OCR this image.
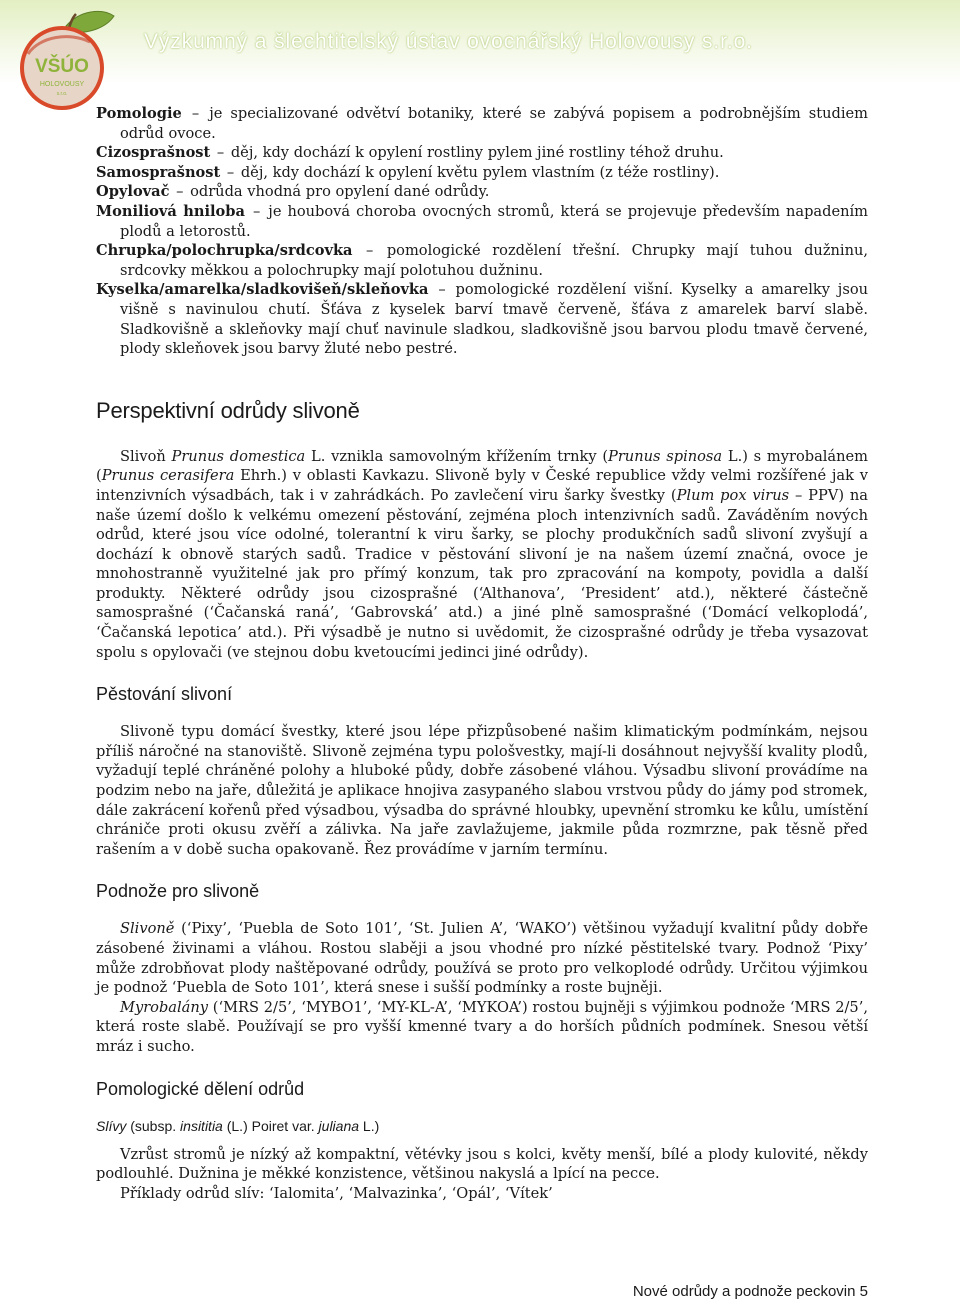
VŠÚO
HOLOVOUSY
s.r.o.
Výzkumný a šlechtitelský ústav ovocnářský Holovousy s.r.o.

Pomologie – je specializované odvětví botaniky, které se zabývá popisem a podrobnějším studiem odrůd ovoce.

Cizosprašnost – děj, kdy dochází k opylení rostliny pylem jiné rostliny téhož druhu.

Samosprašnost – děj, kdy dochází k opylení květu pylem vlastním (z téže rostliny).

Opylovač – odrůda vhodná pro opylení dané odrůdy.

Moniliová hniloba – je houbová choroba ovocných stromů, která se projevuje především napadením plodů a letorostů.

Chrupka/polochrupka/srdcovka – pomologické rozdělení třešní. Chrupky mají tuhou dužninu, srdcovky měkkou a polochrupky mají polotuhou dužninu.

Kyselka/amarelka/sladkovišeň/skleňovka – pomologické rozdělení višní. Kyselky a amarelky jsou višně s navinulou chutí. Šťáva z kyselek barví tmavě červeně, šťáva z amarelek barví slabě. Sladkovišně a skleňovky mají chuť navinule sladkou, sladkovišně jsou barvou plodu tmavě červené, plody skleňovek jsou barvy žluté nebo pestré.

Perspektivní odrůdy slivoně

Slivoň Prunus domestica L. vznikla samovolným křížením trnky (Prunus spinosa L.) s myrobalánem (Prunus cerasifera Ehrh.) v oblasti Kavkazu. Slivoně byly v České republice vždy velmi rozšířené jak v intenzivních výsadbách, tak i v zahrádkách. Po zavlečení viru šarky švestky (Plum pox virus – PPV) na naše území došlo k velkému omezení pěstování, zejména ploch intenzivních sadů. Zaváděním nových odrůd, které jsou více odolné, tolerantní k viru šarky, se plochy produkčních sadů slivoní zvyšují a dochází k obnově starých sadů. Tradice v pěstování slivoní je na našem území značná, ovoce je mnohostranně využitelné jak pro přímý konzum, tak pro zpracování na kompoty, povidla a další produkty. Některé odrůdy jsou cizosprašné (‘Althanova’, ‘President’ atd.), některé částečně samosprašné (‘Čačanská raná’, ‘Gabrovská’ atd.) a jiné plně samosprašné (‘Domácí velkoplodá’, ‘Čačanská lepotica’ atd.). Při výsadbě je nutno si uvědomit, že cizosprašné odrůdy je třeba vysazovat spolu s opylovači (ve stejnou dobu kvetoucími jedinci jiné odrůdy).

Pěstování slivoní

Slivoně typu domácí švestky, které jsou lépe přizpůsobené našim klimatickým podmínkám, nejsou příliš náročné na stanoviště. Slivoně zejména typu pološvestky, mají-li dosáhnout nejvyšší kvality plodů, vyžadují teplé chráněné polohy a hluboké půdy, dobře zásobené vláhou. Výsadbu slivoní provádíme na podzim nebo na jaře, důležitá je aplikace hnojiva zasypaného slabou vrstvou půdy do jámy pod stromek, dále zakrácení kořenů před výsadbou, výsadba do správné hloubky, upevnění stromku ke kůlu, umístění chrániče proti okusu zvěří a zálivka. Na jaře zavlažujeme, jakmile půda rozmrzne, pak těsně před rašením a v době sucha opakovaně. Řez provádíme v jarním termínu.

Podnože pro slivoně

Slivoně (‘Pixy’, ‘Puebla de Soto 101’, ‘St. Julien A’, ‘WAKO’) většinou vyžadují kvalitní půdy dobře zásobené živinami a vláhou. Rostou slaběji a jsou vhodné pro nízké pěstitelské tvary. Podnož ‘Pixy’ může zdrobňovat plody naštěpované odrůdy, používá se proto pro velkoplodé odrůdy. Určitou výjimkou je podnož ‘Puebla de Soto 101’, která snese i sušší podmínky a roste bujněji.

Myrobalány (‘MRS 2/5’, ‘MYBO1’, ‘MY-KL-A’, ‘MYKOA’) rostou bujněji s výjimkou podnože ‘MRS 2/5’, která roste slabě. Používají se pro vyšší kmenné tvary a do horších půdních podmínek. Snesou větší mráz i sucho.

Pomologické dělení odrůd
Slívy (subsp. insititia (L.) Poiret var. juliana L.)

Vzrůst stromů je nízký až kompaktní, větévky jsou s kolci, květy menší, bílé a plody kulovité, někdy podlouhlé. Dužnina je měkké konzistence, většinou nakyslá a lpící na pecce.

Příklady odrůd slív: ‘Ialomita’, ‘Malvazinka’, ‘Opál’, ‘Vítek’

Nové odrůdy a podnože peckovin 5
